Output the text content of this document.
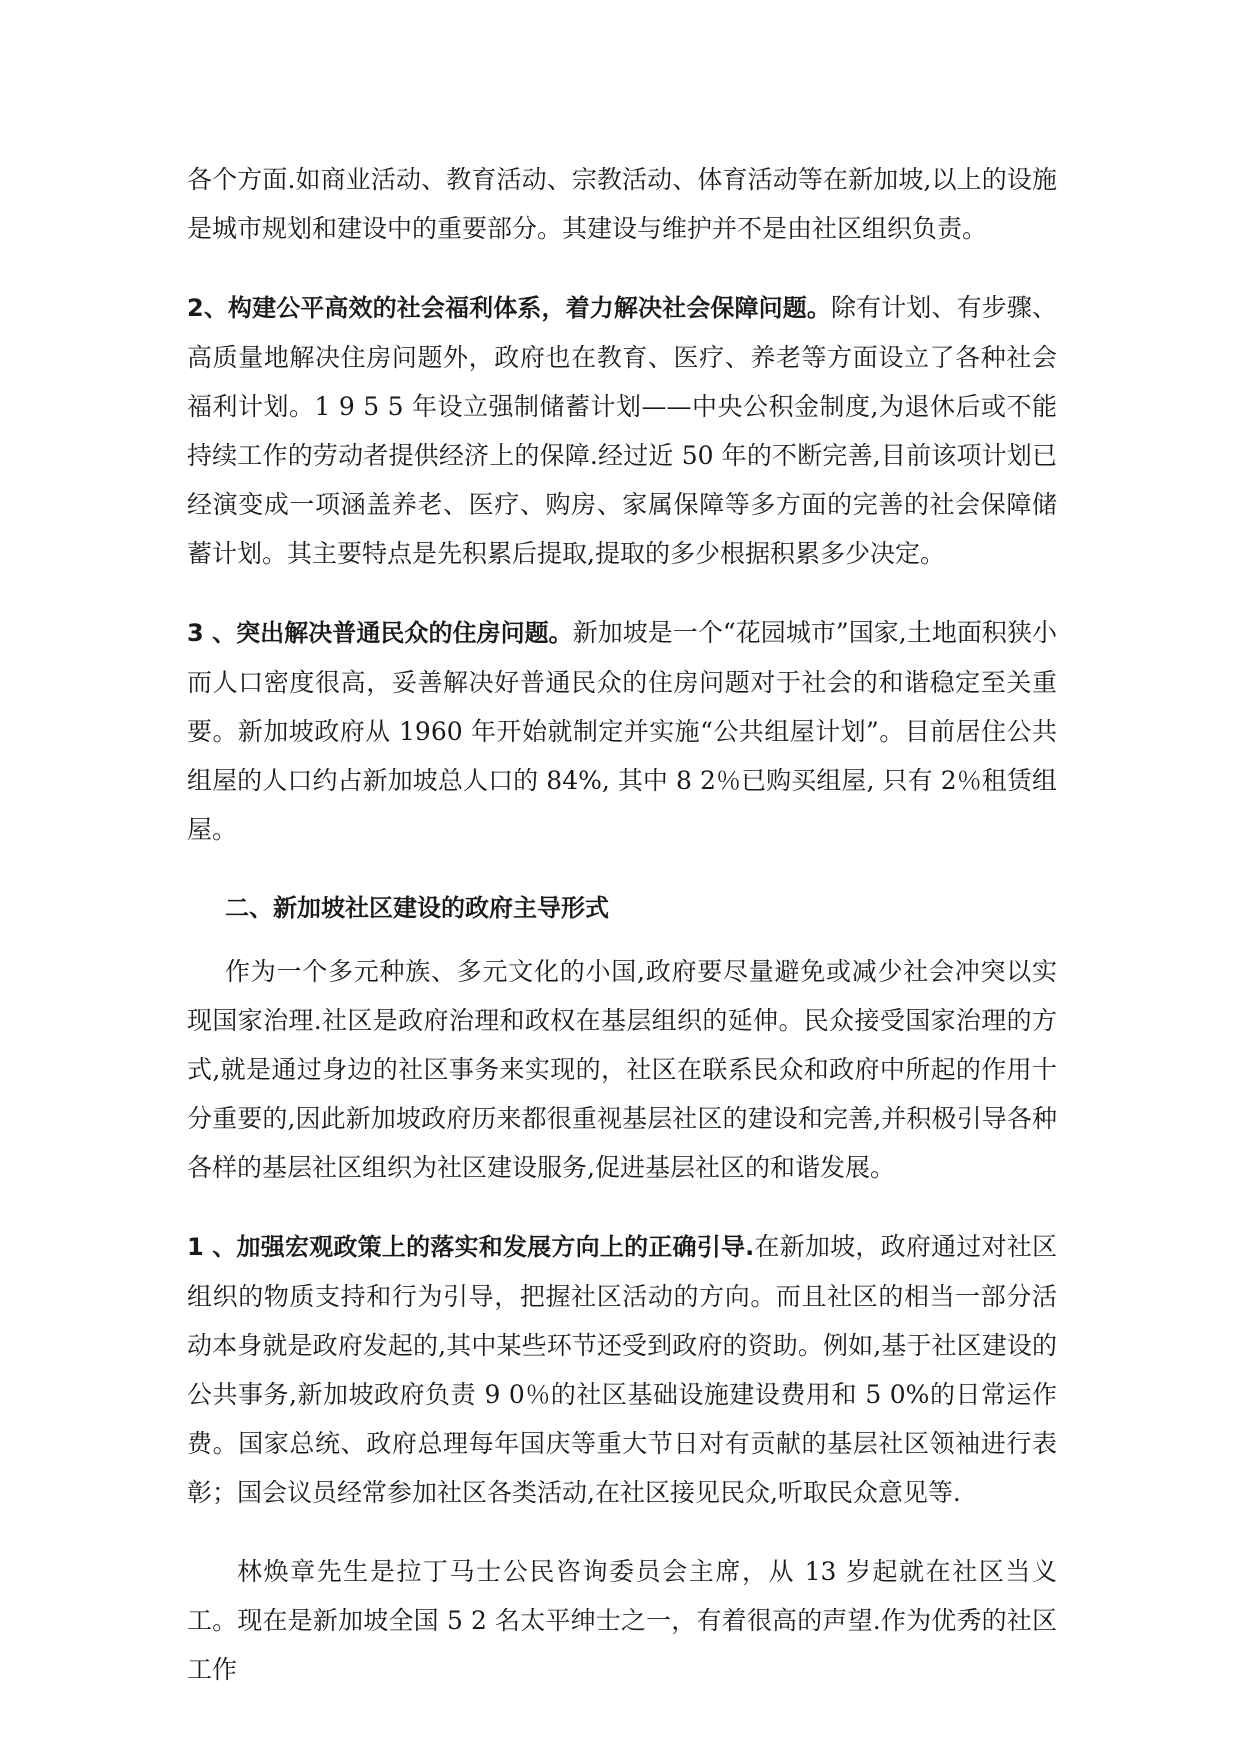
各个方面.如商业活动、教育活动、宗教活动、体育活动等在新加坡,以上的设施是城市规划和建设中的重要部分。其建设与维护并不是由社区组织负责。

2、构建公平高效的社会福利体系，着力解决社会保障问题。除有计划、有步骤、高质量地解决住房问题外，政府也在教育、医疗、养老等方面设立了各种社会福利计划。1 9 5 5 年设立强制储蓄计划——中央公积金制度,为退休后或不能持续工作的劳动者提供经济上的保障.经过近 50 年的不断完善,目前该项计划已经演变成一项涵盖养老、医疗、购房、家属保障等多方面的完善的社会保障储蓄计划。其主要特点是先积累后提取,提取的多少根据积累多少决定。

3 、突出解决普通民众的住房问题。新加坡是一个“花园城市”国家,土地面积狭小而人口密度很高，妥善解决好普通民众的住房问题对于社会的和谐稳定至关重要。新加坡政府从 1960 年开始就制定并实施“公共组屋计划”。目前居住公共组屋的人口约占新加坡总人口的 84%, 其中 8 2％已购买组屋, 只有 2％租赁组屋。

二、新加坡社区建设的政府主导形式

作为一个多元种族、多元文化的小国,政府要尽量避免或减少社会冲突以实现国家治理.社区是政府治理和政权在基层组织的延伸。民众接受国家治理的方式,就是通过身边的社区事务来实现的，社区在联系民众和政府中所起的作用十分重要的,因此新加坡政府历来都很重视基层社区的建设和完善,并积极引导各种各样的基层社区组织为社区建设服务,促进基层社区的和谐发展。

1 、加强宏观政策上的落实和发展方向上的正确引导.在新加坡，政府通过对社区组织的物质支持和行为引导，把握社区活动的方向。而且社区的相当一部分活动本身就是政府发起的,其中某些环节还受到政府的资助。例如,基于社区建设的公共事务,新加坡政府负责 9 0％的社区基础设施建设费用和 5 0%的日常运作费。国家总统、政府总理每年国庆等重大节日对有贡献的基层社区领袖进行表彰；国会议员经常参加社区各类活动,在社区接见民众,听取民众意见等.

林焕章先生是拉丁马士公民咨询委员会主席，从 13 岁起就在社区当义工。现在是新加坡全国 5 2 名太平绅士之一，有着很高的声望.作为优秀的社区工作
